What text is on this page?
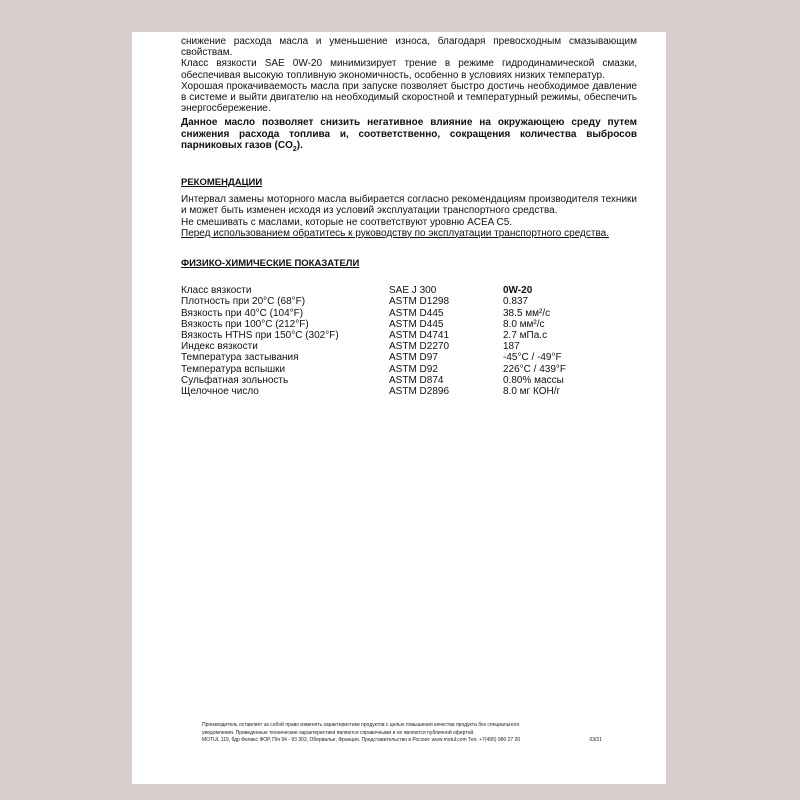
снижение расхода масла и уменьшение износа, благодаря превосходным смазывающим свойствам.

Класс вязкости SAE 0W-20 минимизирует трение в режиме гидродинамической смазки, обеспечивая высокую топливную экономичность, особенно в условиях низких температур.

Хорошая прокачиваемость масла при запуске позволяет быстро достичь необходимое давление в системе и выйти двигателю на необходимый скоростной и температурный режимы, обеспечить энергосбережение.

Данное масло позволяет снизить негативное влияние на окружающею среду путем снижения расхода топлива и, соответственно, сокращения количества выбросов парниковых газов $(CO_2)$.

РЕКОМЕНДАЦИИ

Интервал замены моторного масла выбирается согласно рекомендациям производителя техники и может быть изменен исходя из условий эксплуатации транспортного средства.

Не смешивать с маслами, которые не соответствуют уровню ACEA C5.

Перед использованием обратитесь к руководству по эксплуатации транспортного средства.

ФИЗИКО-ХИМИЧЕСКИЕ ПОКАЗАТЕЛИ

Класс вязкости	SAE J 300	0W-20
Плотность при 20°C (68°F)	ASTM D1298	0.837
Вязкость при 40°C (104°F)	ASTM D445	38.5 мм²/с
Вязкость при 100°C (212°F)	ASTM D445	8.0 мм²/с
Вязкость HTHS при 150°C (302°F)	ASTM D4741	2.7 мПа.с
Индекс вязкости	ASTM D2270	187
Температура застывания	ASTM D97	-45°C / -49°F
Температура вспышки	ASTM D92	226°C / 439°F
Сульфатная зольность	ASTM D874	0.80% массы
Щелочное число	ASTM D2896	8.0 мг КОН/г
Производитель оставляет за собой право изменять характеристики продуктов с целью повышения качества продукта без специального
уведомления. Приведенные технические характеристики являются справочными и не являются публичной офертой.
MOTUL 119, бдр Феликс ФОР, П/я 94 - 93 303, Обервилье, Франция. Представительство в России: www.motul.com Тел. +7(495) 980 27 20	03/21
